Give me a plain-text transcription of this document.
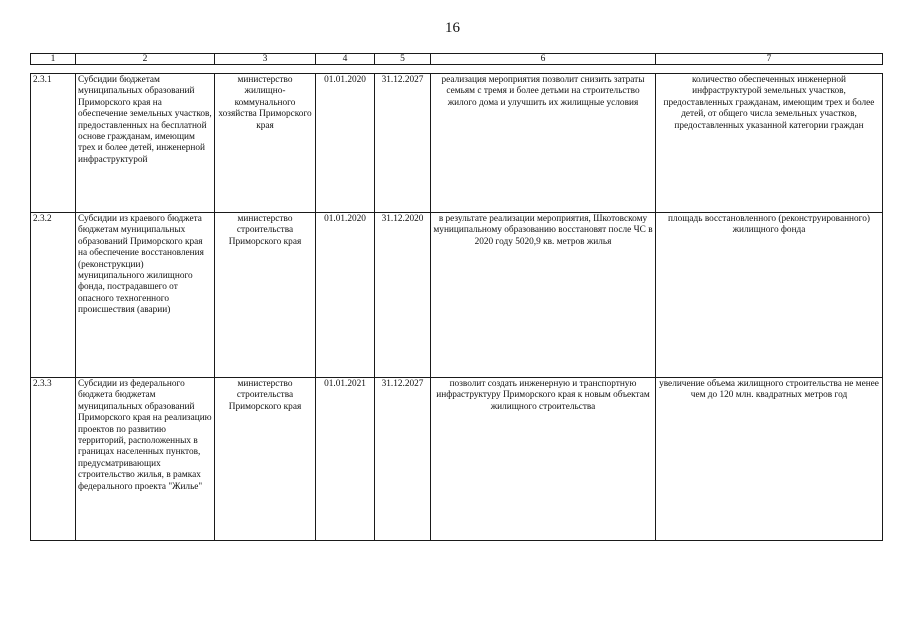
16
1	2	3	4	5	6	7

2.3.1	Субсидии бюджетам муниципальных образований Приморского края на обеспечение земельных участков, предоставленных на бесплатной основе гражданам, имеющим трех и более детей, инженерной инфраструктурой	министерство жилищно-коммунального хозяйства Приморского края	01.01.2020	31.12.2027	реализация мероприятия позволит снизить затраты семьям с тремя и более детьми на строительство жилого дома и улучшить их жилищные условия	количество обеспеченных инженерной инфраструктурой земельных участков, предоставленных гражданам, имеющим трех и более детей, от общего числа земельных участков, предоставленных указанной категории граждан
2.3.2	Субсидии из краевого бюджета бюджетам муниципальных образований Приморского края на обеспечение восстановления (реконструкции) муниципального жилищного фонда, пострадавшего от опасного техногенного происшествия (аварии)	министерство строительства Приморского края	01.01.2020	31.12.2020	в результате реализации мероприятия, Шкотовскому муниципальному образованию восстановят после ЧС в 2020 году 5020,9 кв. метров жилья	площадь восстановленного (реконструированного) жилищного фонда
2.3.3	Субсидии из федерального бюджета бюджетам муниципальных образований Приморского края на реализацию проектов по развитию территорий, расположенных в границах населенных пунктов, предусматривающих строительство жилья, в рамках федерального проекта "Жилье"	министерство строительства Приморского края	01.01.2021	31.12.2027	позволит создать инженерную и транспортную инфраструктуру Приморского края к новым объектам жилищного строительства	увеличение объема жилищного строительства не менее чем до 120 млн. квадратных метров год
